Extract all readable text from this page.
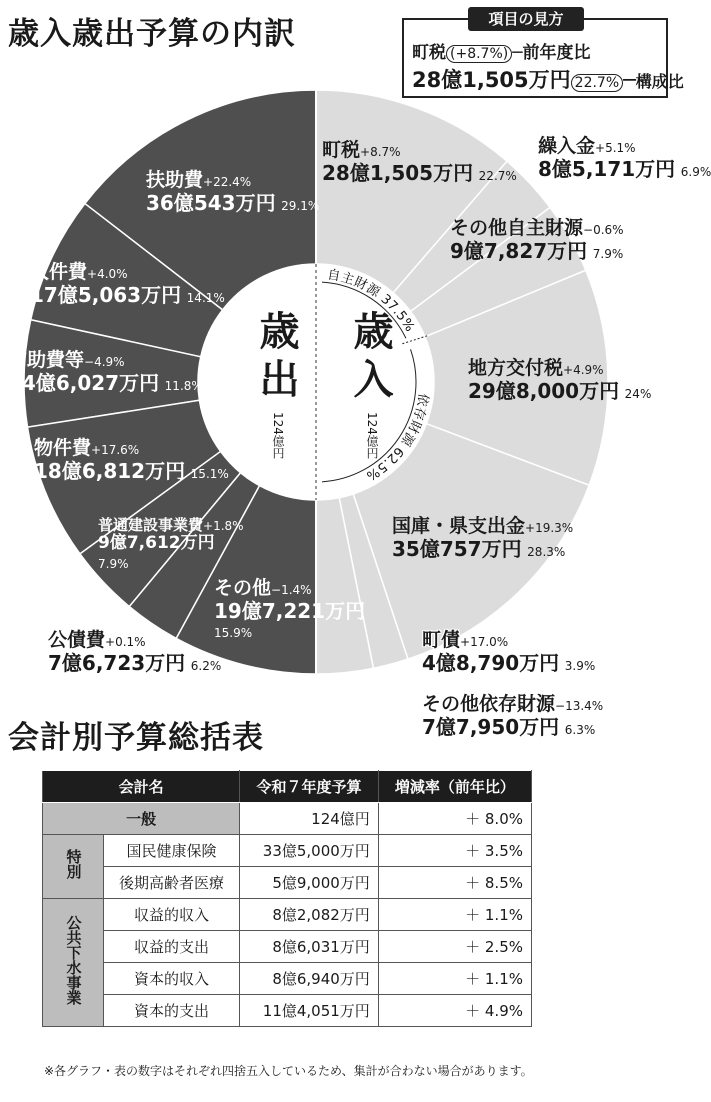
歳入歳出予算の内訳	項目の見方
町税 (+8.7%) ─前年度比
28億1,505万円 22.7% ─構成比
自主財源 37.5%
依存財源 62.5%
町税+8.7%
28億1,505万円 22.7%
繰入金+5.1%
8億5,171万円 6.9%
その他自主財源−0.6%
9億7,827万円 7.9%
地方交付税+4.9%
29億8,000万円 24%
国庫・県支出金+19.3%
35億757万円 28.3%
町債+17.0%
4億8,790万円 3.9%
その他依存財源−13.4%
7億7,950万円 6.3%
扶助費+22.4%
36億543万円 29.1%
人件費+4.0%
17億5,063万円 14.1%
補助費等−4.9%
14億6,027万円 11.8%
物件費+17.6%
18億6,812万円 15.1%
普通建設事業費+1.8%
9億7,612万円
7.9%
公債費+0.1%
7億6,723万円 6.2%
その他−1.4%
19億7,221万円
15.9%
歳出 歳入
124億円	124億円
会計別予算総括表
会計名		令和７年度予算	増減率（前年比）
一般		124億円	＋ 8.0%
特別	国民健康保険	33億5,000万円	＋ 3.5%
	後期高齢者医療	5億9,000万円	＋ 8.5%
公共下水事業	収益的収入	8億2,082万円	＋ 1.1%
	収益的支出	8億6,031万円	＋ 2.5%
	資本的収入	8億6,940万円	＋ 1.1%
	資本的支出	11億4,051万円	＋ 4.9%
※各グラフ・表の数字はそれぞれ四捨五入しているため、集計が合わない場合があります。
